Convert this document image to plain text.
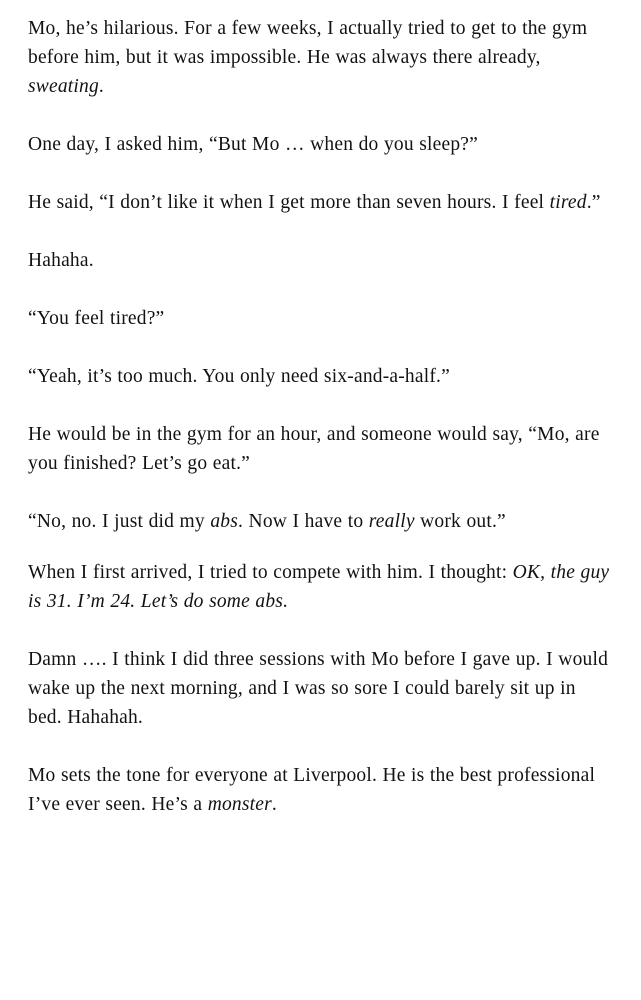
Mo, he’s hilarious. For a few weeks, I actually tried to get to the gym before him, but it was impossible. He was always there already, sweating.
One day, I asked him, “But Mo … when do you sleep?”
He said, “I don’t like it when I get more than seven hours. I feel tired.”
Hahaha.
“You feel tired?”
“Yeah, it’s too much. You only need six-and-a-half.”
He would be in the gym for an hour, and someone would say, “Mo, are you finished? Let’s go eat.”
“No, no. I just did my abs. Now I have to really work out.”
When I first arrived, I tried to compete with him. I thought: OK, the guy is 31. I’m 24. Let’s do some abs.
Damn …. I think I did three sessions with Mo before I gave up. I would wake up the next morning, and I was so sore I could barely sit up in bed. Hahahah.
Mo sets the tone for everyone at Liverpool. He is the best professional I’ve ever seen. He’s a monster.
